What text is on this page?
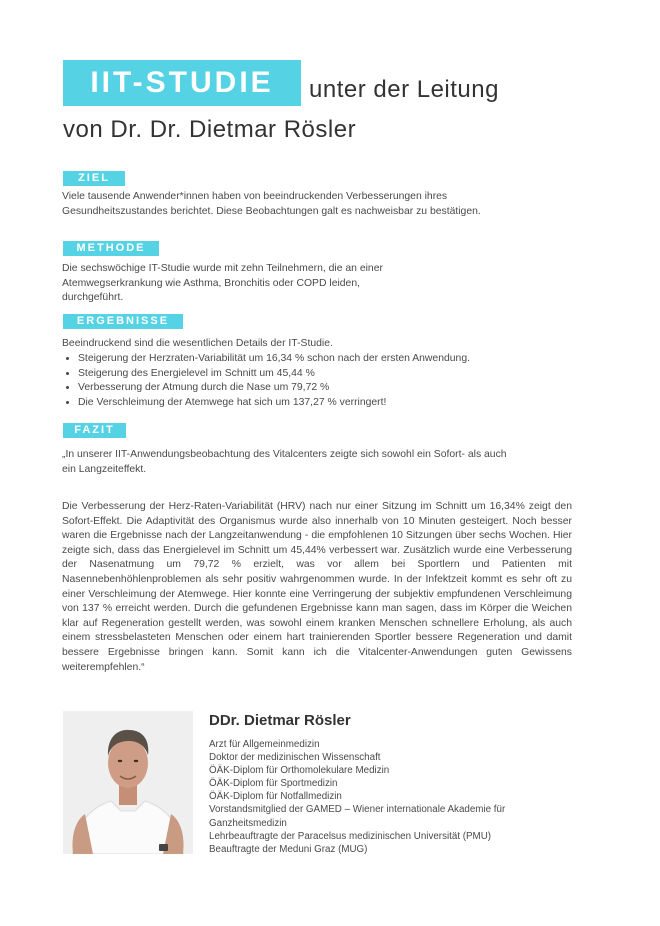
IIT-STUDIE	unter der Leitung
von Dr. Dr. Dietmar Rösler
ZIEL
Viele tausende Anwender*innen haben von beeindruckenden Verbesserungen ihres Gesundheitszustandes berichtet. Diese Beobachtungen galt es nachweisbar zu bestätigen.
METHODE
Die sechswöchige IT-Studie wurde mit zehn Teilnehmern, die an einer Atemwegserkrankung wie Asthma, Bronchitis oder COPD leiden, durchgeführt.
ERGEBNISSE
Beeindruckend sind die wesentlichen Details der IT-Studie.
• Steigerung der Herzraten-Variabilität um 16,34 % schon nach der ersten Anwendung.
• Steigerung des Energielevel im Schnitt um 45,44 %
• Verbesserung der Atmung durch die Nase um 79,72 %
• Die Verschleimung der Atemwege hat sich um 137,27 % verringert!
FAZIT
„In unserer IIT-Anwendungsbeobachtung des Vitalcenters zeigte sich sowohl ein Sofort- als auch ein Langzeiteffekt.
Die Verbesserung der Herz-Raten-Variabilität (HRV) nach nur einer Sitzung im Schnitt um 16,34% zeigt den Sofort-Effekt. Die Adaptivität des Organismus wurde also innerhalb von 10 Minuten gesteigert. Noch besser waren die Ergebnisse nach der Langzeitanwendung - die empfohlenen 10 Sitzungen über sechs Wochen. Hier zeigte sich, dass das Energielevel im Schnitt um 45,44% verbessert war. Zusätzlich wurde eine Verbesserung der Nasenatmung um 79,72 % erzielt, was vor allem bei Sportlern und Patienten mit Nasennebenhöhlenproblemen als sehr positiv wahrgenommen wurde. In der Infektzeit kommt es sehr oft zu einer Verschleimung der Atemwege. Hier konnte eine Verringerung der subjektiv empfundenen Verschleimung von 137 % erreicht werden. Durch die gefundenen Ergebnisse kann man sagen, dass im Körper die Weichen klar auf Regeneration gestellt werden, was sowohl einem kranken Menschen schnellere Erholung, als auch einem stressbelasteten Menschen oder einem hart trainierenden Sportler bessere Regeneration und damit bessere Ergebnisse bringen kann. Somit kann ich die Vitalcenter-Anwendungen guten Gewissens weiterempfehlen.“
DDr. Dietmar Rösler
Arzt für Allgemeinmedizin
Doktor der medizinischen Wissenschaft
ÖÄK-Diplom für Orthomolekulare Medizin
ÖÄK-Diplom für Sportmedizin
ÖÄK-Diplom für Notfallmedizin
Vorstandsmitglied der GAMED – Wiener internationale Akademie für Ganzheitsmedizin
Lehrbeauftragte der Paracelsus medizinischen Universität (PMU)
Beauftragte der Meduni Graz (MUG)
